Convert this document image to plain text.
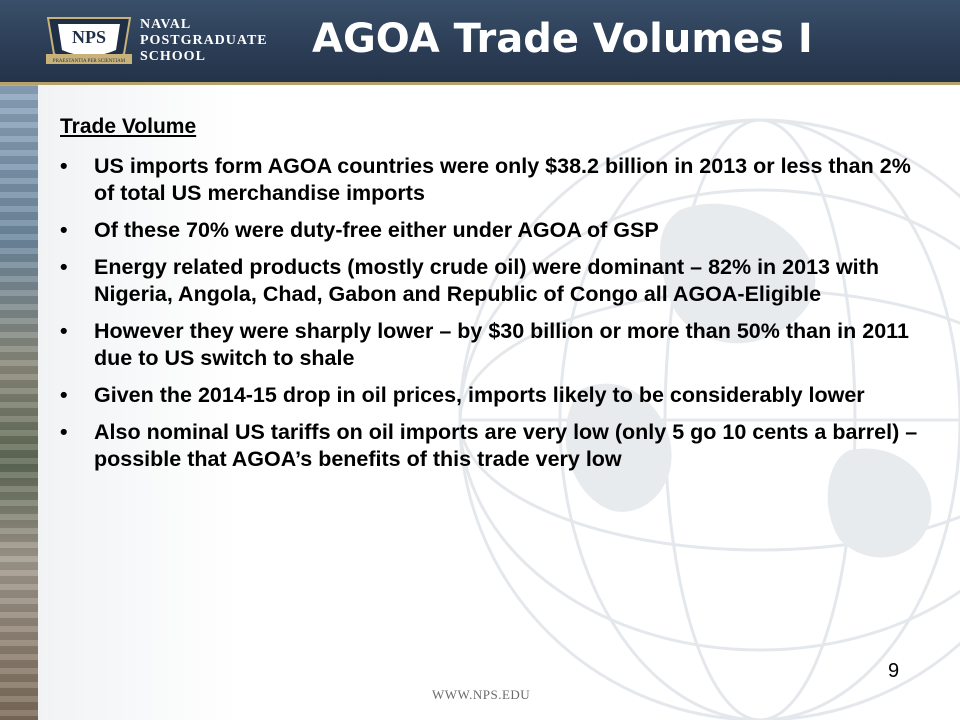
NPS
PRAESTANTIA PER SCIENTIAM
NAVAL
POSTGRADUATE
SCHOOL	AGOA Trade Volumes I
Trade Volume
• US imports form AGOA countries were only $38.2 billion in 2013 or less than 2% of total US merchandise imports
• Of these 70% were duty-free either under AGOA of GSP
• Energy related products (mostly crude oil) were dominant – 82% in 2013 with Nigeria, Angola, Chad, Gabon and Republic of Congo all AGOA-Eligible
• However they were sharply lower – by $30 billion or more than 50% than in 2011 due to US switch to shale
• Given the 2014-15 drop in oil prices, imports likely to be considerably lower
• Also nominal US tariffs on oil imports are very low (only 5 go 10 cents a barrel) – possible that AGOA’s benefits of this trade very low
9
WWW.NPS.EDU
